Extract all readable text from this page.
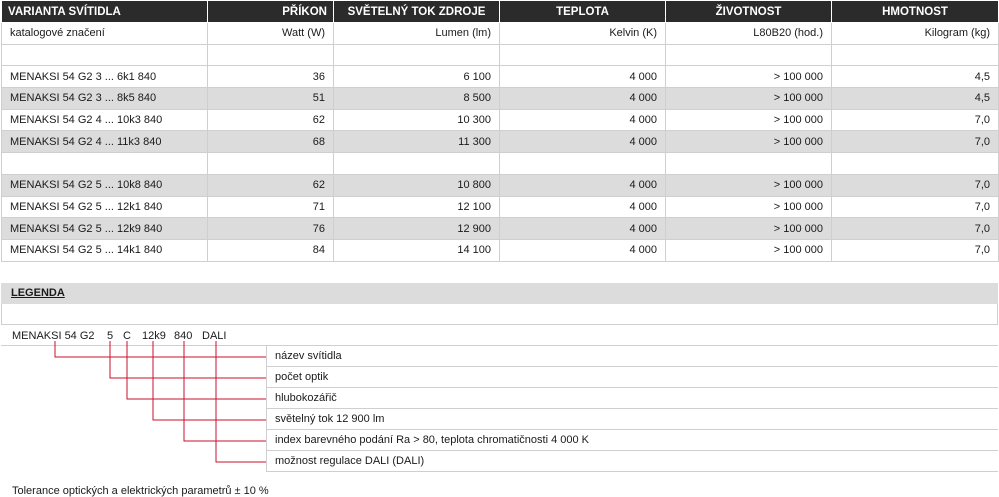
VARIANTA SVÍTIDLA	PŘÍKON	SVĚTELNÝ TOK ZDROJE	TEPLOTA	ŽIVOTNOST	HMOTNOST
katalogové značení	Watt (W)	Lumen (lm)	Kelvin (K)	L80B20 (hod.)	Kilogram (kg)

MENAKSI 54 G2 3 ... 6k1 840	36	6 100	4 000	> 100 000	4,5
MENAKSI 54 G2 3 ... 8k5 840	51	8 500	4 000	> 100 000	4,5
MENAKSI 54 G2 4 ... 10k3 840	62	10 300	4 000	> 100 000	7,0
MENAKSI 54 G2 4 ... 11k3 840	68	11 300	4 000	> 100 000	7,0

MENAKSI 54 G2 5 ... 10k8 840	62	10 800	4 000	> 100 000	7,0
MENAKSI 54 G2 5 ... 12k1 840	71	12 100	4 000	> 100 000	7,0
MENAKSI 54 G2 5 ... 12k9 840	76	12 900	4 000	> 100 000	7,0
MENAKSI 54 G2 5 ... 14k1 840	84	14 100	4 000	> 100 000	7,0
LEGENDA
MENAKSI 54 G2 5 C 12k9 840 DALI
název svítidla
počet optik
hlubokozářič
světelný tok 12 900 lm
index barevného podání Ra > 80, teplota chromatičnosti 4 000 K
možnost regulace DALI (DALI)
Tolerance optických a elektrických parametrů ± 10 %
